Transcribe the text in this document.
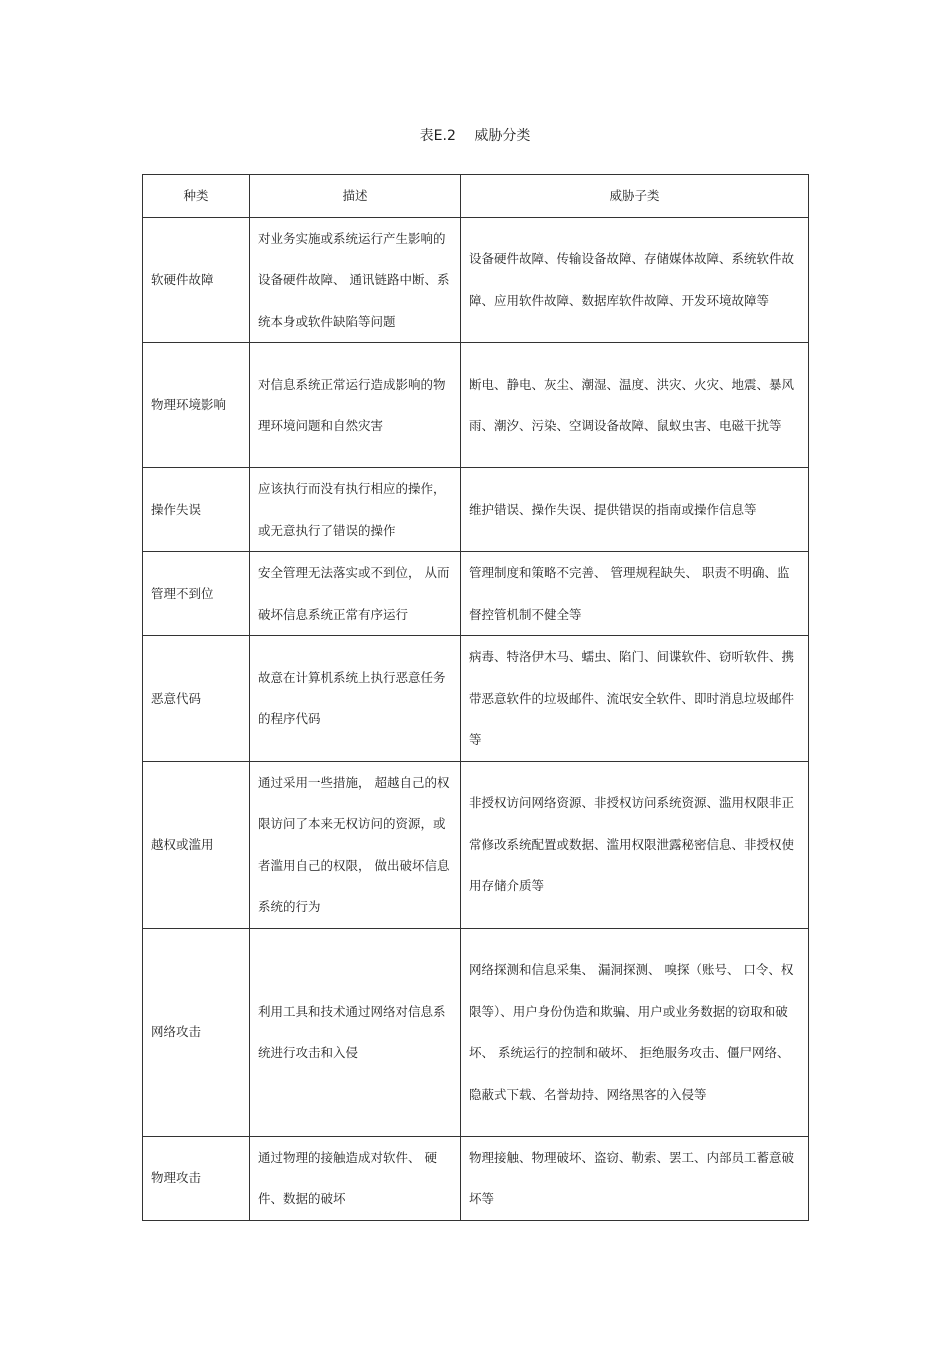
表E.2 威胁分类
种类	描述	威胁子类
软硬件故障	对业务实施或系统运行产生影响的设备硬件故障、 通讯链路中断、系统本身或软件缺陷等问题	设备硬件故障、传输设备故障、存储媒体故障、系统软件故障、应用软件故障、数据库软件故障、开发环境故障等
物理环境影响	对信息系统正常运行造成影响的物理环境问题和自然灾害	断电、静电、灰尘、潮湿、温度、洪灾、火灾、地震、暴风雨、潮汐、污染、空调设备故障、鼠蚁虫害、电磁干扰等
操作失误	应该执行而没有执行相应的操作，或无意执行了错误的操作	维护错误、操作失误、提供错误的指南或操作信息等
管理不到位	安全管理无法落实或不到位， 从而破坏信息系统正常有序运行	管理制度和策略不完善、 管理规程缺失、 职责不明确、监督控管机制不健全等
恶意代码	故意在计算机系统上执行恶意任务的程序代码	病毒、特洛伊木马、蠕虫、陷门、间谍软件、窃听软件、携带恶意软件的垃圾邮件、流氓安全软件、即时消息垃圾邮件等
越权或滥用	通过采用一些措施， 超越自己的权限访问了本来无权访问的资源，或者滥用自己的权限， 做出破坏信息系统的行为	非授权访问网络资源、非授权访问系统资源、滥用权限非正常修改系统配置或数据、滥用权限泄露秘密信息、非授权使用存储介质等
网络攻击	利用工具和技术通过网络对信息系统进行攻击和入侵	网络探测和信息采集、 漏洞探测、 嗅探（账号、 口令、权限等）、用户身份伪造和欺骗、用户或业务数据的窃取和破坏、 系统运行的控制和破坏、 拒绝服务攻击、僵尸网络、隐蔽式下载、名誉劫持、网络黑客的入侵等
物理攻击	通过物理的接触造成对软件、 硬件、数据的破坏	物理接触、物理破坏、盗窃、勒索、罢工、内部员工蓄意破坏等
